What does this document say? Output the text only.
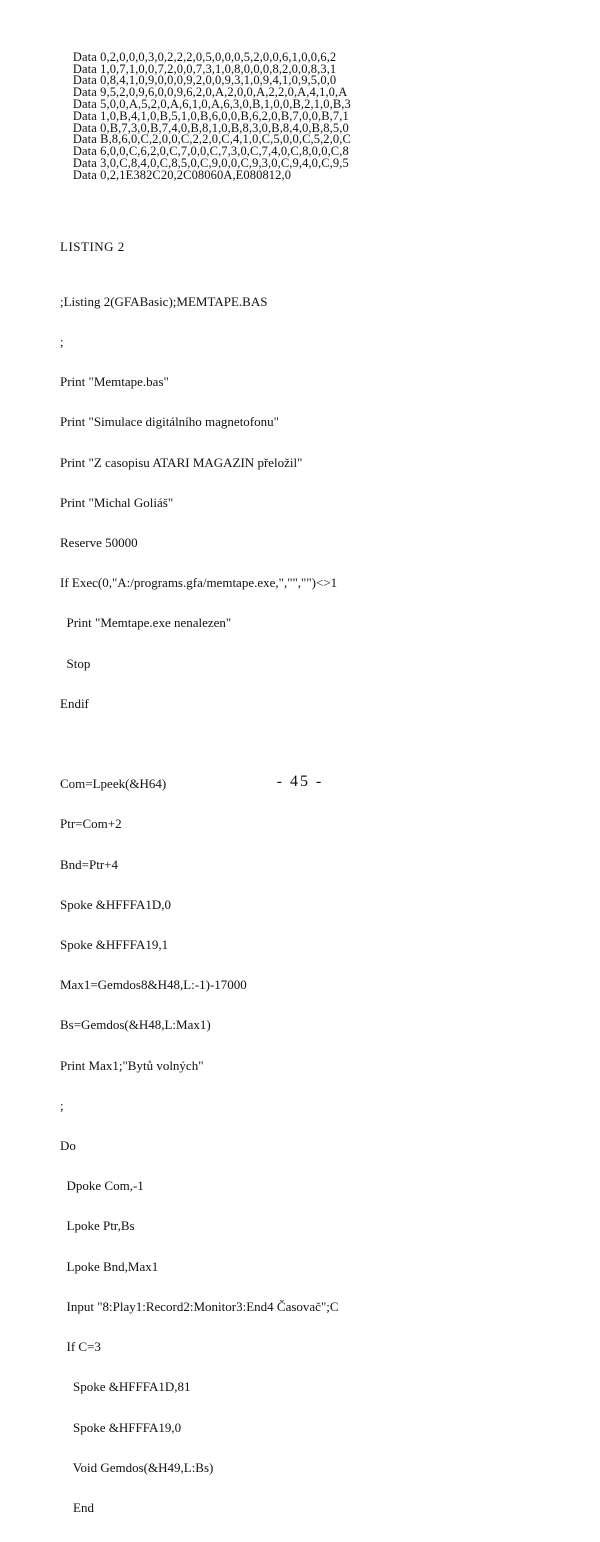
Data 0,2,0,0,0,3,0,2,2,2,0,5,0,0,0,5,2,0,0,6,1,0,0,6,2
Data 1,0,7,1,0,0,7,2,0,0,7,3,1,0,8,0,0,0,8,2,0,0,8,3,1
Data 0,8,4,1,0,9,0,0,0,9,2,0,0,9,3,1,0,9,4,1,0,9,5,0,0
Data 9,5,2,0,9,6,0,0,9,6,2,0,A,2,0,0,A,2,2,0,A,4,1,0,A
Data 5,0,0,A,5,2,0,A,6,1,0,A,6,3,0,B,1,0,0,B,2,1,0,B,3
Data 1,0,B,4,1,0,B,5,1,0,B,6,0,0,B,6,2,0,B,7,0,0,B,7,1
Data 0,B,7,3,0,B,7,4,0,B,8,1,0,B,8,3,0,B,8,4,0,B,8,5,0
Data B,8,6,0,C,2,0,0,C,2,2,0,C,4,1,0,C,5,0,0,C,5,2,0,C
Data 6,0,0,C,6,2,0,C,7,0,0,C,7,3,0,C,7,4,0,C,8,0,0,C,8
Data 3,0,C,8,4,0,C,8,5,0,C,9,0,0,C,9,3,0,C,9,4,0,C,9,5
Data 0,2,1E382C20,2C08060A,E080812,0

LISTING 2

;Listing 2(GFABasic);MEMTAPE.BAS

;

Print "Memtape.bas"

Print "Simulace digitálního magnetofonu"

Print "Z casopisu ATARI MAGAZIN přeložil"

Print "Michal Goliáš"

Reserve 50000

If Exec(0,"A:/programs.gfa/memtape.exe,","","")<>1

Print "Memtape.exe nenalezen"

Stop

Endif

Com=Lpeek(&H64)

Ptr=Com+2

Bnd=Ptr+4

Spoke &HFFFA1D,0

Spoke &HFFFA19,1

Max1=Gemdos8&H48,L:-1)-17000

Bs=Gemdos(&H48,L:Max1)

Print Max1;"Bytů volných"

;

Do

Dpoke Com,-1

Lpoke Ptr,Bs

Lpoke Bnd,Max1

Input "8:Play1:Record2:Monitor3:End4 Časovač";C

If C=3

Spoke &HFFFA1D,81

Spoke &HFFFA19,0

Void Gemdos(&H49,L:Bs)

End

- 45 -
